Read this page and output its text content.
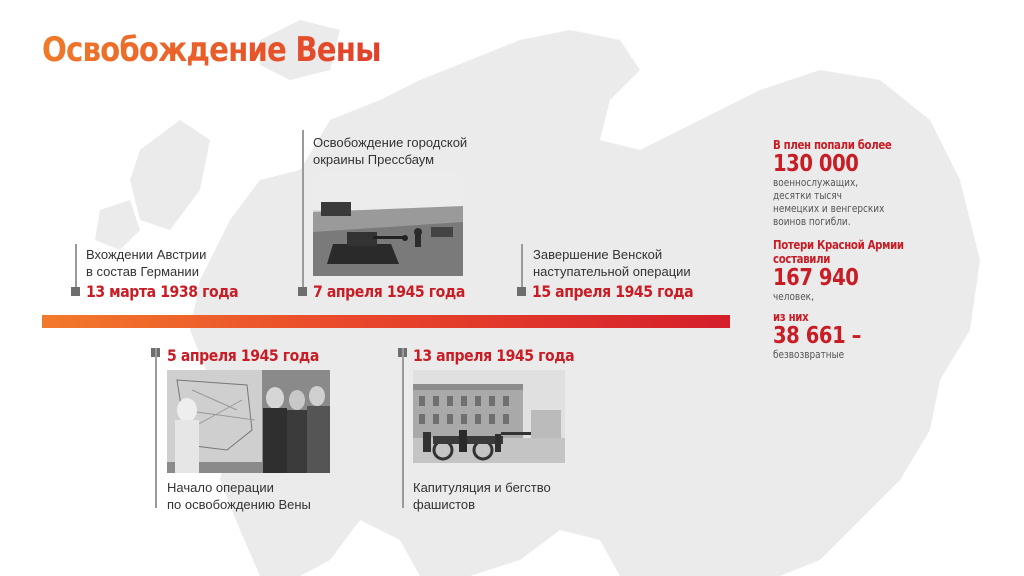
Освобождение Вены
Вхождении Австрии
в состав Германии
13 марта 1938 года
Освобождение городской
окраины Прессбаум
7 апреля 1945 года
Завершение Венской
наступательной операции
15 апреля 1945 года
5 апреля 1945 года
Начало операции
по освобождению Вены
13 апреля 1945 года
Капитуляция и бегство
фашистов
В плен попали более
130 000
военнослужащих,
десятки тысяч
немецких и венгерских
воинов погибли.
Потери Красной Армии
составили
167 940
человек,
из них
38 661 –
безвозвратные
